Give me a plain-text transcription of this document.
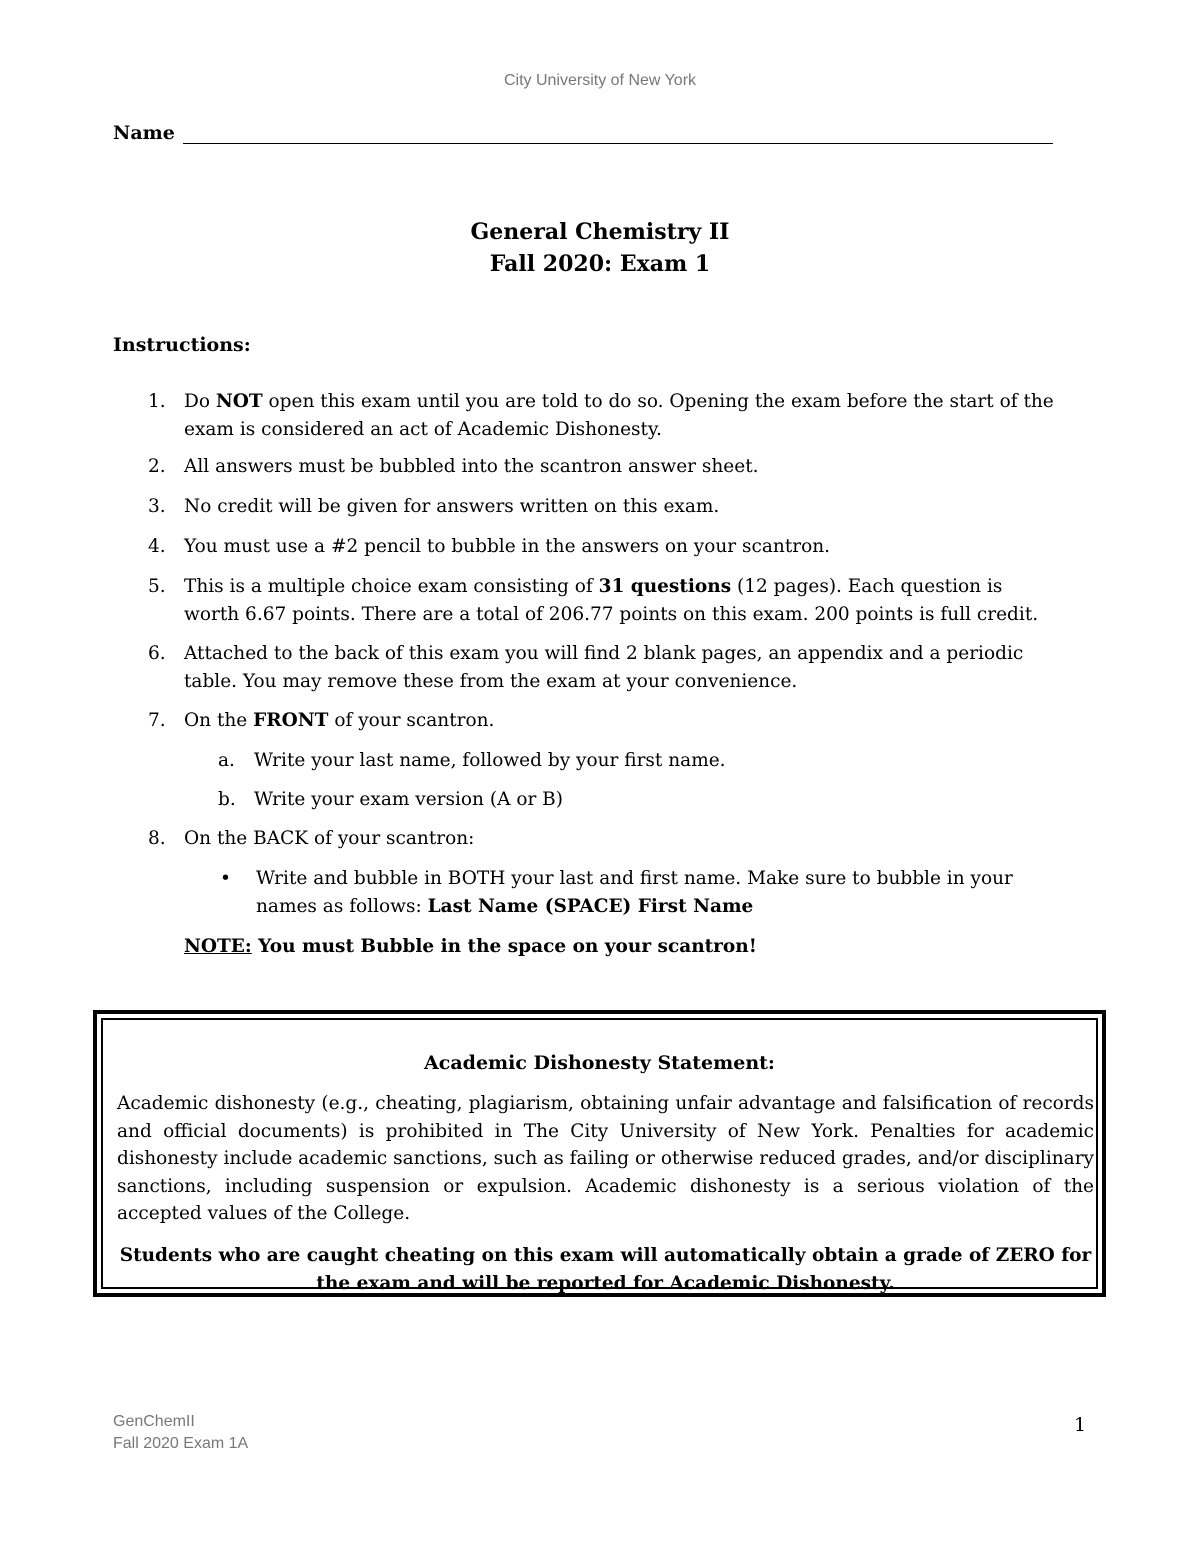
City University of New York
Name
General Chemistry II
Fall 2020: Exam 1
Instructions:
1. Do NOT open this exam until you are told to do so. Opening the exam before the start of the
exam is considered an act of Academic Dishonesty.
2. All answers must be bubbled into the scantron answer sheet.
3. No credit will be given for answers written on this exam.
4. You must use a #2 pencil to bubble in the answers on your scantron.
5. This is a multiple choice exam consisting of 31 questions (12 pages). Each question is
worth 6.67 points. There are a total of 206.77 points on this exam. 200 points is full credit.
6. Attached to the back of this exam you will find 2 blank pages, an appendix and a periodic
table. You may remove these from the exam at your convenience.
7. On the FRONT of your scantron.
a. Write your last name, followed by your first name.
b. Write your exam version (A or B)
8. On the BACK of your scantron:
• Write and bubble in BOTH your last and first name. Make sure to bubble in your
names as follows: Last Name (SPACE) First Name
NOTE: You must Bubble in the space on your scantron!
Academic Dishonesty Statement:
Academic dishonesty (e.g., cheating, plagiarism, obtaining unfair advantage and falsification of records and official documents) is prohibited in The City University of New York. Penalties for academic dishonesty include academic sanctions, such as failing or otherwise reduced grades, and/or disciplinary sanctions, including suspension or expulsion. Academic dishonesty is a serious violation of the accepted values of the College.
Students who are caught cheating on this exam will automatically obtain a grade of ZERO for the exam and will be reported for Academic Dishonesty.
GenChemII
Fall 2020 Exam 1A
1
